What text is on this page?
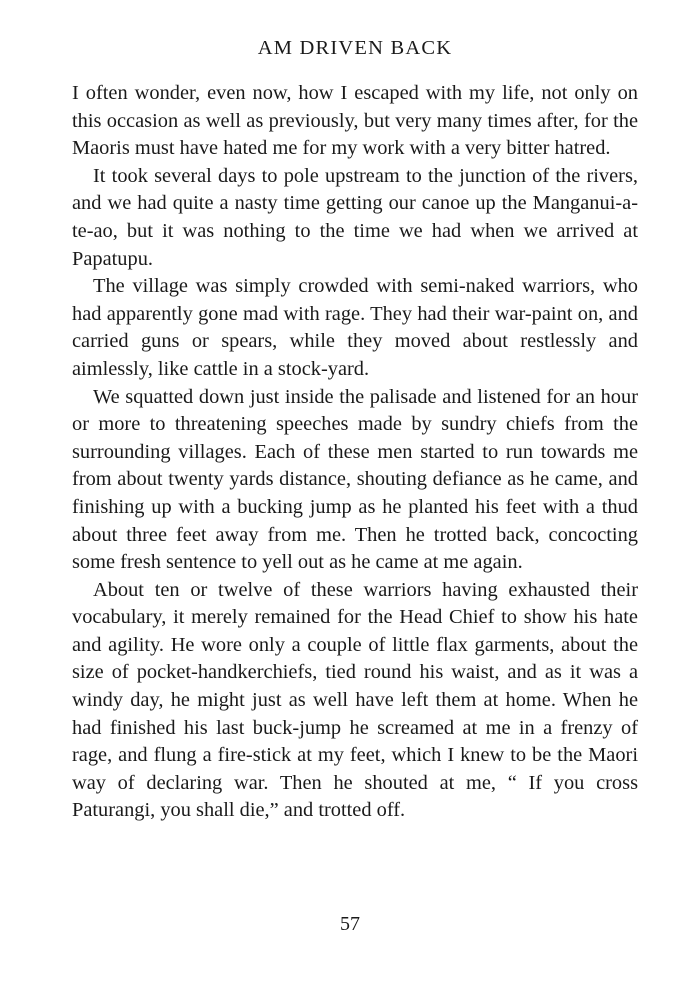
AM DRIVEN BACK

I often wonder, even now, how I escaped with my life, not only on this occasion as well as previously, but very many times after, for the Maoris must have hated me for my work with a very bitter hatred.

It took several days to pole upstream to the junction of the rivers, and we had quite a nasty time getting our canoe up the Manganui-a-te-ao, but it was nothing to the time we had when we arrived at Papatupu.

The village was simply crowded with semi-naked warriors, who had apparently gone mad with rage. They had their war-paint on, and carried guns or spears, while they moved about restlessly and aimlessly, like cattle in a stock-yard.

We squatted down just inside the palisade and listened for an hour or more to threatening speeches made by sundry chiefs from the surrounding villages. Each of these men started to run towards me from about twenty yards distance, shouting defiance as he came, and finishing up with a bucking jump as he planted his feet with a thud about three feet away from me. Then he trotted back, concocting some fresh sentence to yell out as he came at me again.

About ten or twelve of these warriors having exhausted their vocabulary, it merely remained for the Head Chief to show his hate and agility. He wore only a couple of little flax garments, about the size of pocket-handkerchiefs, tied round his waist, and as it was a windy day, he might just as well have left them at home. When he had finished his last buck-jump he screamed at me in a frenzy of rage, and flung a fire-stick at my feet, which I knew to be the Maori way of declaring war. Then he shouted at me, “ If you cross Paturangi, you shall die,” and trotted off.

57
